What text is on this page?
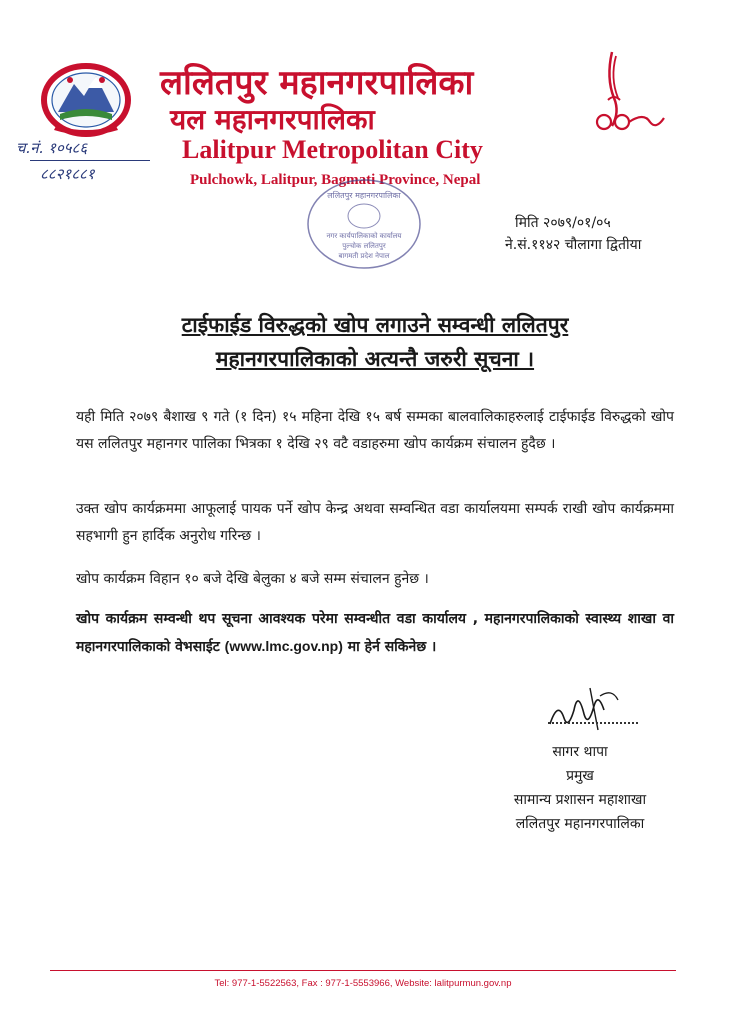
ललितपुर महानगरपालिका
यल महानगरपालिका
Lalitpur Metropolitan City
Pulchowk, Lalitpur, Bagmati Province, Nepal
च.नं. १०५८६
८८२१८८१
ललितपुर महानगरपालिका
नगर कार्यपालिकाको कार्यालय
पुल्चोक ललितपुर
बागमती प्रदेश नेपाल
मिति २०७९/०१/०५
ने.सं.११४२ चौलागा द्वितीया
टाईफाईड विरुद्धको खोप लगाउने सम्वन्धी ललितपुर
महानगरपालिकाको अत्यन्तै जरुरी सूचना ।
यही मिति २०७९ बैशाख ९ गते (१ दिन) १५ महिना देखि १५ बर्ष सम्मका बालवालिकाहरुलाई टाईफाईड विरुद्धको खोप यस ललितपुर महानगर पालिका भित्रका १ देखि २९ वटै वडाहरुमा खोप कार्यक्रम संचालन हुदैछ ।
उक्त खोप कार्यक्रममा आफूलाई पायक पर्ने खोप केन्द्र अथवा सम्वन्धित वडा कार्यालयमा सम्पर्क राखी खोप कार्यक्रममा सहभागी हुन हार्दिक अनुरोध गरिन्छ ।
खोप कार्यक्रम विहान १० बजे देखि बेलुका ४ बजे सम्म संचालन हुनेछ ।
खोप कार्यक्रम सम्वन्धी थप सूचना आवश्यक परेमा सम्वन्धीत वडा कार्यालय , महानगरपालिकाको स्वास्थ्य शाखा वा महानगरपालिकाको वेभसाईट (www.lmc.gov.np) मा हेर्न सकिनेछ ।
सागर थापा
प्रमुख
सामान्य प्रशासन महाशाखा
ललितपुर महानगरपालिका
Tel: 977-1-5522563, Fax : 977-1-5553966, Website: lalitpurmun.gov.np
